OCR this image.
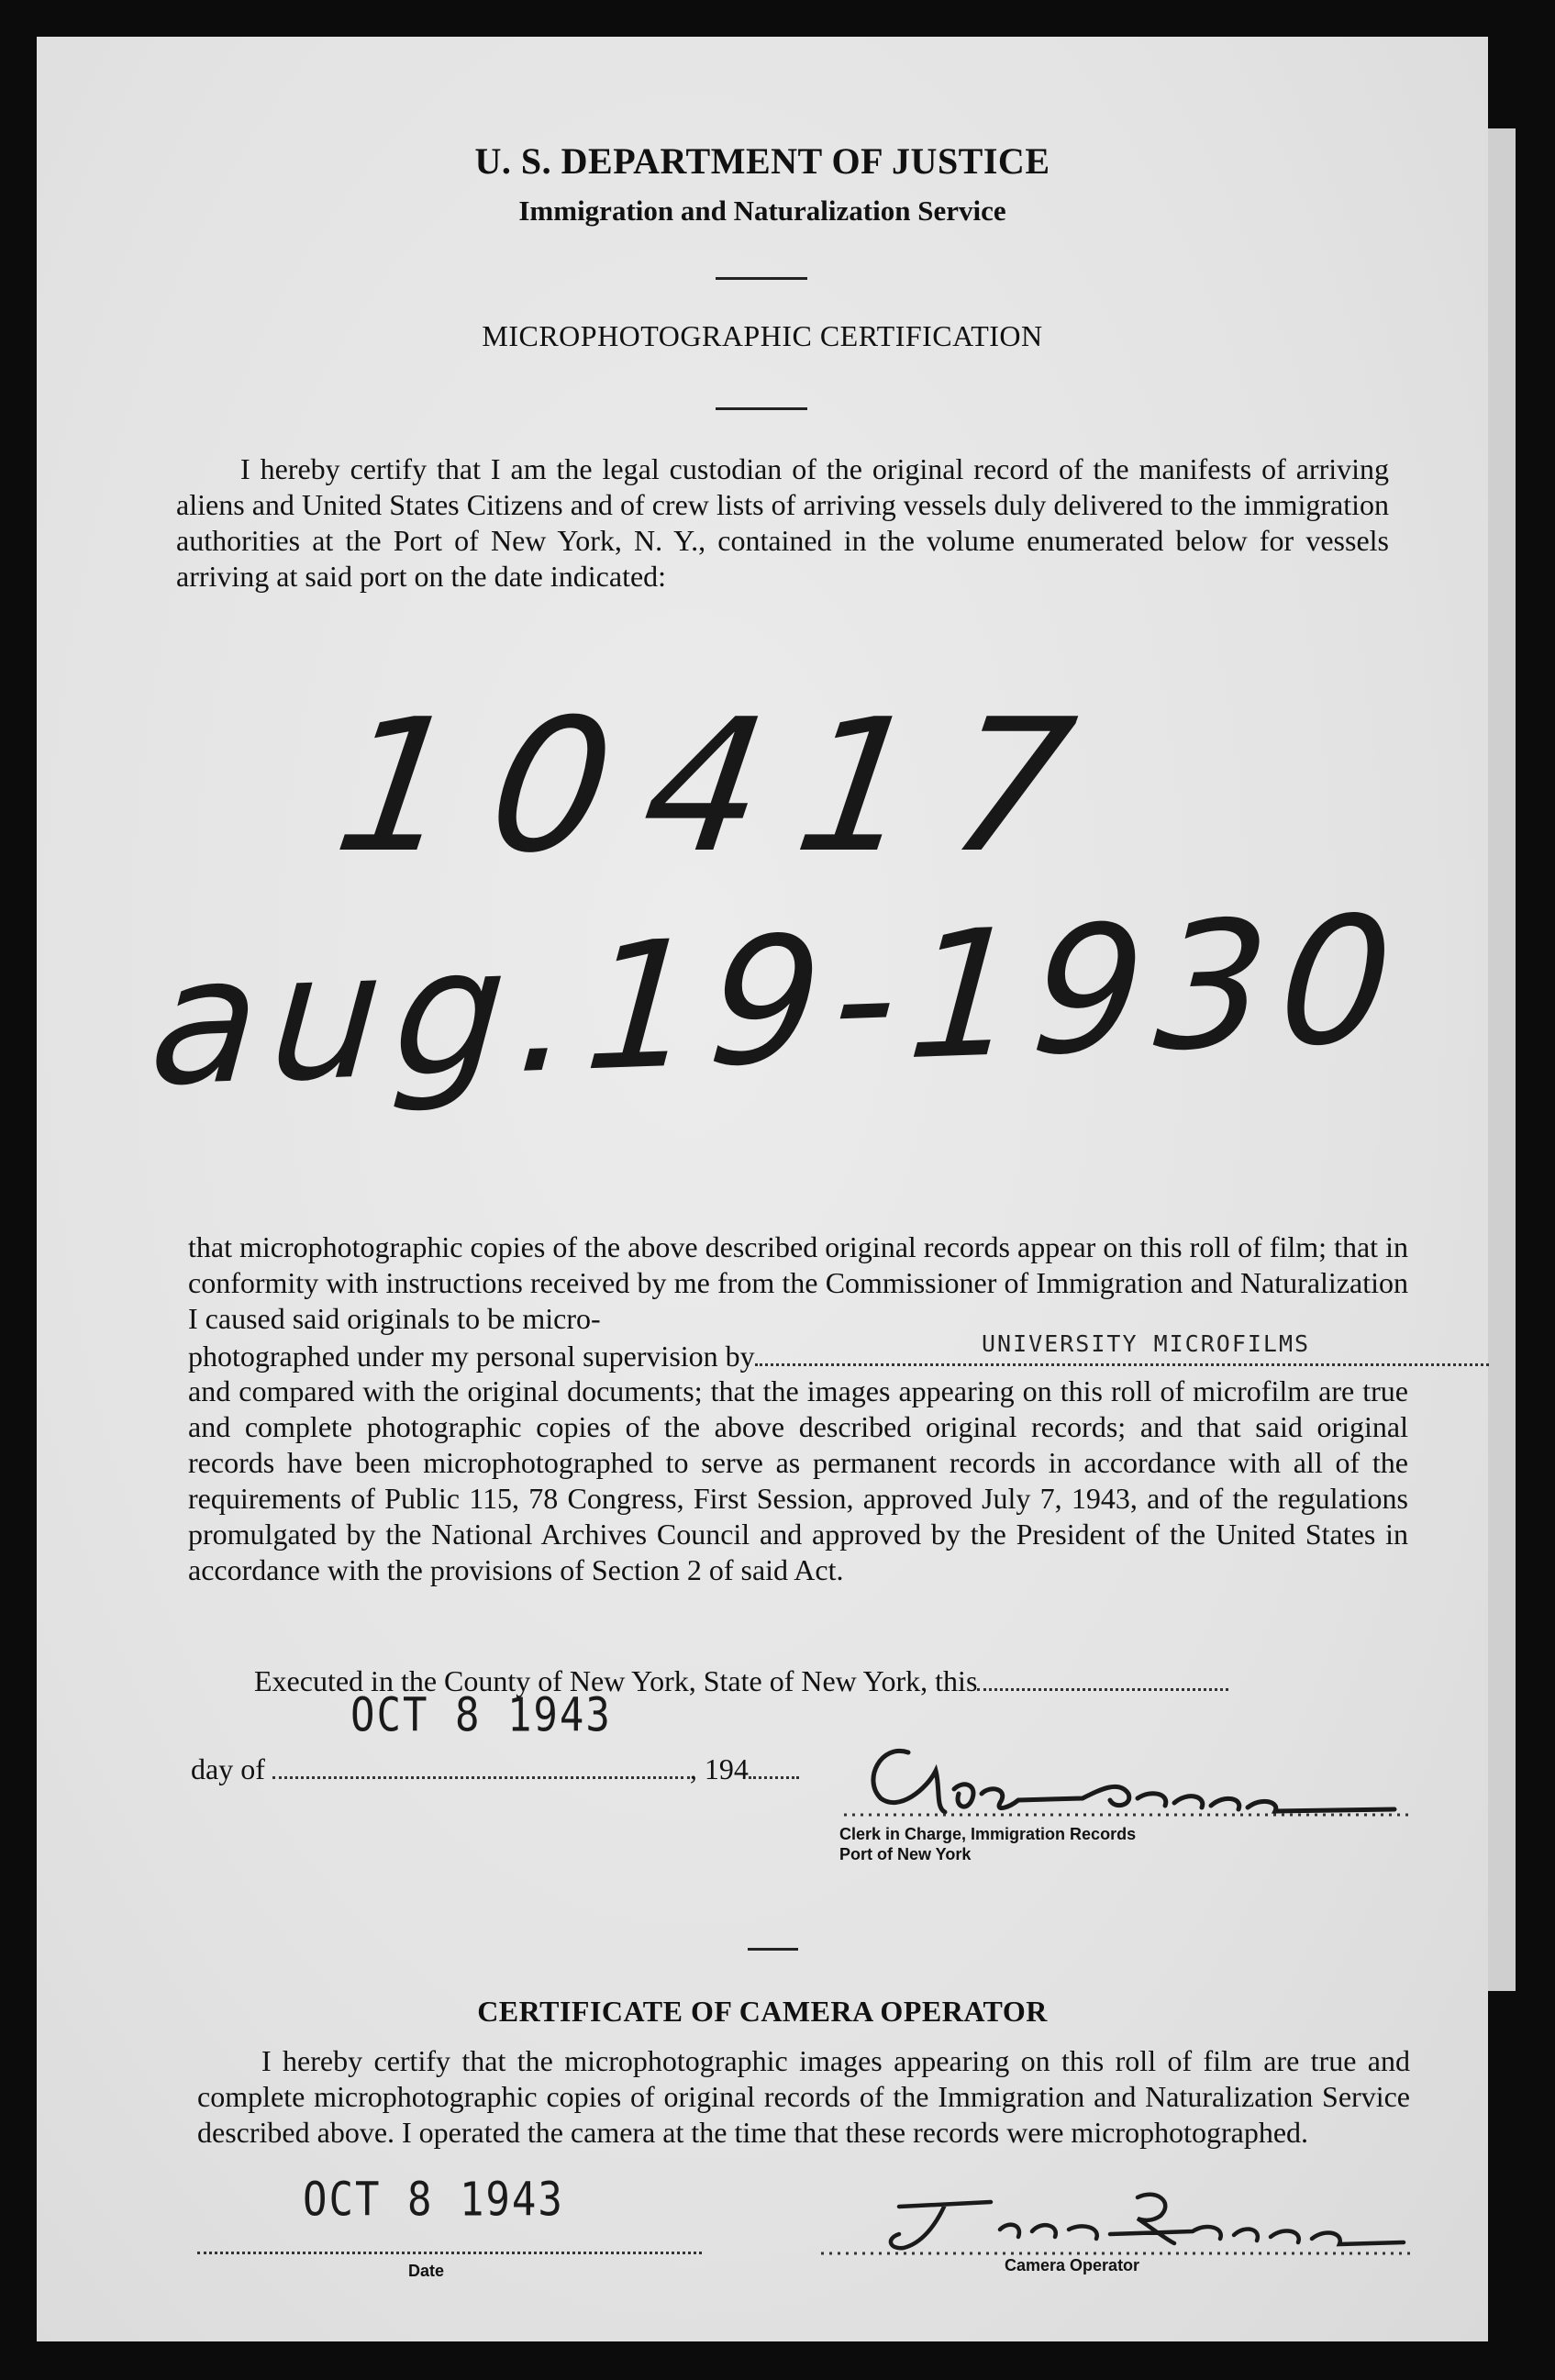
U. S. DEPARTMENT OF JUSTICE
Immigration and Naturalization Service
MICROPHOTOGRAPHIC CERTIFICATION
I hereby certify that I am the legal custodian of the original record of the manifests of arriving aliens and United States Citizens and of crew lists of arriving vessels duly delivered to the immigration authorities at the Port of New York, N. Y., contained in the volume enumerated below for vessels arriving at said port on the date indicated:
10417
aug.19-1930
that microphotographic copies of the above described original records appear on this roll of film; that in conformity with instructions received by me from the Commissioner of Immigration and Naturalization I caused said originals to be micro-
photographed under my personal supervision by	UNIVERSITY MICROFILMS
and compared with the original documents; that the images appearing on this roll of microfilm are true and complete photographic copies of the above described original records; and that said original records have been microphotographed to serve as permanent records in accordance with all of the requirements of Public 115, 78 Congress, First Session, approved July 7, 1943, and of the regulations promulgated by the National Archives Council and approved by the President of the United States in accordance with the provisions of Section 2 of said Act.
Executed in the County of New York, State of New York, this
day of	, 194
OCT 8 1943
Clerk in Charge, Immigration Records
Port of New York
CERTIFICATE OF CAMERA OPERATOR
I hereby certify that the microphotographic images appearing on this roll of film are true and complete microphotographic copies of original records of the Immigration and Naturalization Service described above. I operated the camera at the time that these records were microphotographed.
OCT 8 1943
Date	Camera Operator
